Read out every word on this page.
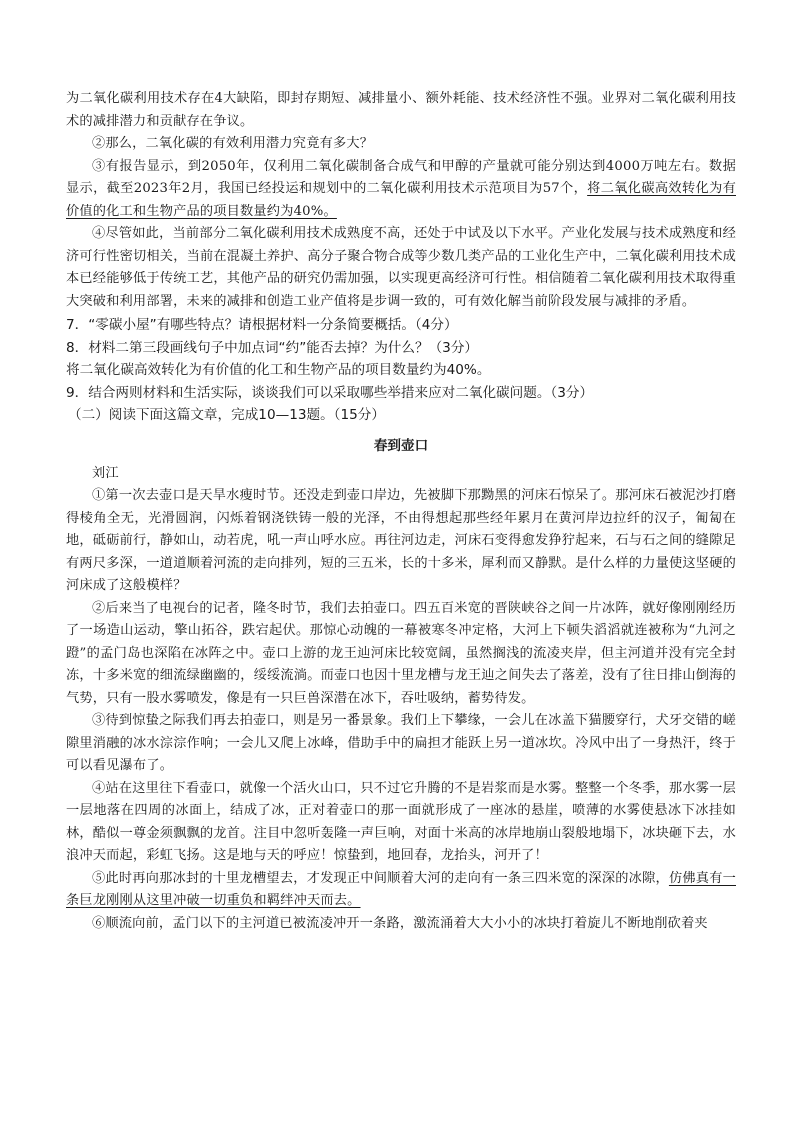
为二氧化碳利用技术存在4大缺陷，即封存期短、减排量小、额外耗能、技术经济性不强。业界对二氧化碳利用技术的减排潜力和贡献存在争议。

②那么，二氧化碳的有效利用潜力究竟有多大？

③有报告显示，到2050年，仅利用二氧化碳制备合成气和甲醇的产量就可能分别达到4000万吨左右。数据显示，截至2023年2月，我国已经投运和规划中的二氧化碳利用技术示范项目为57个，将二氧化碳高效转化为有价值的化工和生物产品的项目数量约为40%。

④尽管如此，当前部分二氧化碳利用技术成熟度不高，还处于中试及以下水平。产业化发展与技术成熟度和经济可行性密切相关，当前在混凝土养护、高分子聚合物合成等少数几类产品的工业化生产中，二氧化碳利用技术成本已经能够低于传统工艺，其他产品的研究仍需加强，以实现更高经济可行性。相信随着二氧化碳利用技术取得重大突破和利用部署，未来的减排和创造工业产值将是步调一致的，可有效化解当前阶段发展与减排的矛盾。

7．“零碳小屋”有哪些特点？请根据材料一分条简要概括。（4分）

8．材料二第三段画线句子中加点词“约”能否去掉？为什么？（3分）

将二氧化碳高效转化为有价值的化工和生物产品的项目数量约为40%。

9．结合两则材料和生活实际，谈谈我们可以采取哪些举措来应对二氧化碳问题。（3分）

（二）阅读下面这篇文章，完成10—13题。（15分）

春到壶口

刘江

①第一次去壶口是天旱水瘦时节。还没走到壶口岸边，先被脚下那黝黑的河床石惊呆了。那河床石被泥沙打磨得棱角全无，光滑圆润，闪烁着钢浇铁铸一般的光泽，不由得想起那些经年累月在黄河岸边拉纤的汉子，匍匐在地，砥砺前行，静如山，动若虎，吼一声山呼水应。再往河边走，河床石变得愈发狰狞起来，石与石之间的缝隙足有两尺多深，一道道顺着河流的走向排列，短的三五米，长的十多米，犀利而又静默。是什么样的力量使这坚硬的河床成了这般模样？

②后来当了电视台的记者，隆冬时节，我们去拍壶口。四五百米宽的晋陕峡谷之间一片冰阵，就好像刚刚经历了一场造山运动，擎山拓谷，跌宕起伏。那惊心动魄的一幕被寒冬冲定格，大河上下顿失滔滔就连被称为“九河之蹬”的孟门岛也深陷在冰阵之中。壶口上游的龙王辿河床比较宽阔，虽然搁浅的流凌夹岸，但主河道并没有完全封冻，十多米宽的细流绿幽幽的，绥绥流淌。而壶口也因十里龙槽与龙王辿之间失去了落差，没有了往日排山倒海的气势，只有一股水雾喷发，像是有一只巨兽深潜在冰下，吞吐吸纳，蓄势待发。

③待到惊蛰之际我们再去拍壶口，则是另一番景象。我们上下攀缘，一会儿在冰盖下猫腰穿行，犬牙交错的嵯隙里消融的冰水淙淙作响；一会儿又爬上冰峰，借助手中的扁担才能跃上另一道冰坎。冷风中出了一身热汗，终于可以看见瀑布了。

④站在这里往下看壶口，就像一个活火山口，只不过它升腾的不是岩浆而是水雾。整整一个冬季，那水雾一层一层地落在四周的冰面上，结成了冰，正对着壶口的那一面就形成了一座冰的悬崖，喷薄的水雾使悬冰下冰挂如林，酷似一尊金须飘飘的龙首。注目中忽听轰隆一声巨响，对面十米高的冰岸地崩山裂般地塌下，冰块砸下去，水浪冲天而起，彩虹飞扬。这是地与天的呼应！惊蛰到，地回春，龙抬头，河开了！

⑤此时再向那冰封的十里龙槽望去，才发现正中间顺着大河的走向有一条三四米宽的深深的冰隙，仿佛真有一条巨龙刚刚从这里冲破一切重负和羁绊冲天而去。

⑥顺流向前，孟门以下的主河道已被流凌冲开一条路，激流涌着大大小小的冰块打着旋儿不断地削砍着夹
